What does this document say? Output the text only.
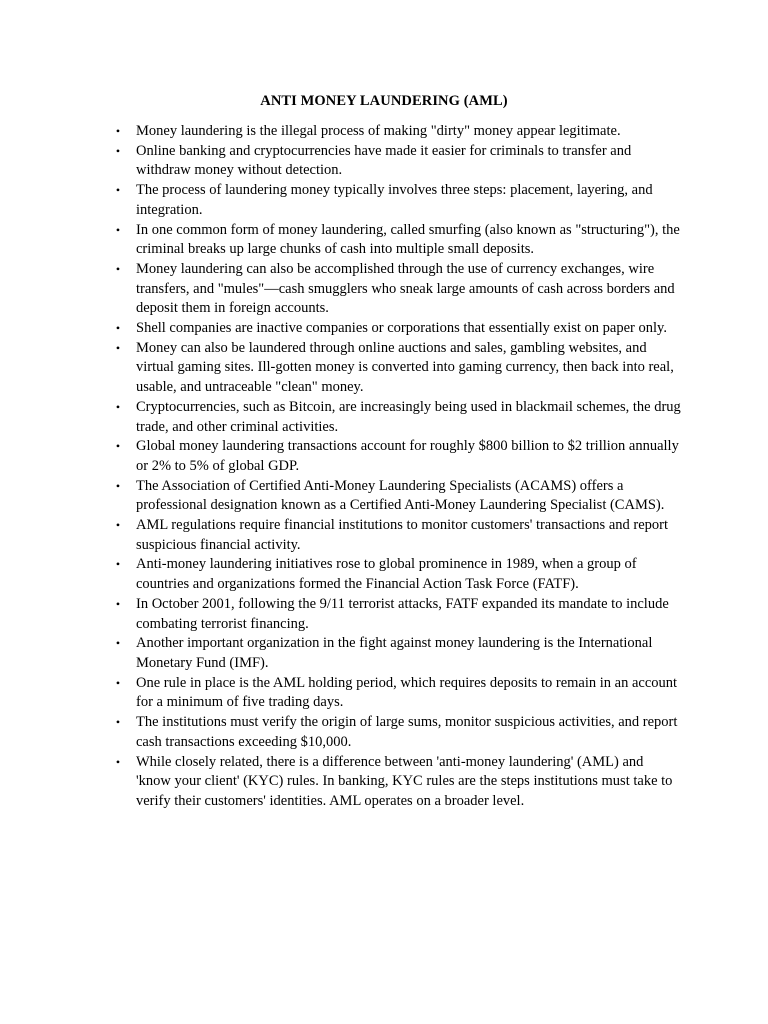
ANTI MONEY LAUNDERING (AML)
• Money laundering is the illegal process of making "dirty" money appear legitimate.
• Online banking and cryptocurrencies have made it easier for criminals to transfer and withdraw money without detection.
• The process of laundering money typically involves three steps: placement, layering, and integration.
• In one common form of money laundering, called smurfing (also known as "structuring"), the criminal breaks up large chunks of cash into multiple small deposits.
• Money laundering can also be accomplished through the use of currency exchanges, wire transfers, and "mules"—cash smugglers who sneak large amounts of cash across borders and deposit them in foreign accounts.
• Shell companies are inactive companies or corporations that essentially exist on paper only.
• Money can also be laundered through online auctions and sales, gambling websites, and virtual gaming sites. Ill-gotten money is converted into gaming currency, then back into real, usable, and untraceable "clean" money.
• Cryptocurrencies, such as Bitcoin, are increasingly being used in blackmail schemes, the drug trade, and other criminal activities.
• Global money laundering transactions account for roughly $800 billion to $2 trillion annually or 2% to 5% of global GDP.
• The Association of Certified Anti-Money Laundering Specialists (ACAMS) offers a professional designation known as a Certified Anti-Money Laundering Specialist (CAMS).
• AML regulations require financial institutions to monitor customers' transactions and report suspicious financial activity.
• Anti-money laundering initiatives rose to global prominence in 1989, when a group of countries and organizations formed the Financial Action Task Force (FATF).
• In October 2001, following the 9/11 terrorist attacks, FATF expanded its mandate to include combating terrorist financing.
• Another important organization in the fight against money laundering is the International Monetary Fund (IMF).
• One rule in place is the AML holding period, which requires deposits to remain in an account for a minimum of five trading days.
• The institutions must verify the origin of large sums, monitor suspicious activities, and report cash transactions exceeding $10,000.
• While closely related, there is a difference between 'anti-money laundering' (AML) and 'know your client' (KYC) rules. In banking, KYC rules are the steps institutions must take to verify their customers' identities. AML operates on a broader level.
